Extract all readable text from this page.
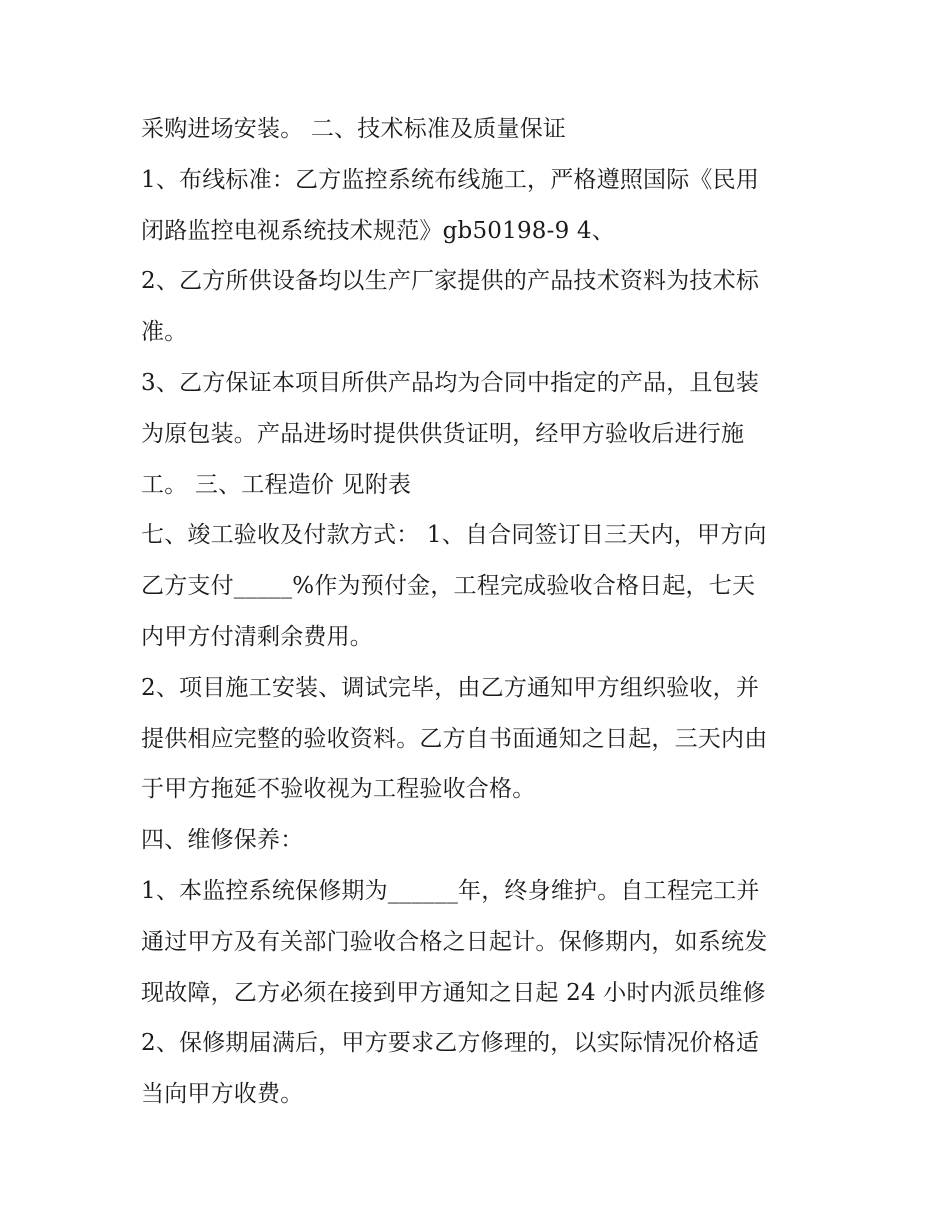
采购进场安装。 二、技术标准及质量保证
1、布线标准：乙方监控系统布线施工，严格遵照国际《民用
闭路监控电视系统技术规范》gb50198-9 4、
2、乙方所供设备均以生产厂家提供的产品技术资料为技术标
准。
3、乙方保证本项目所供产品均为合同中指定的产品，且包装
为原包装。产品进场时提供供货证明，经甲方验收后进行施
工。 三、工程造价 见附表
七、竣工验收及付款方式： 1、自合同签订日三天内，甲方向
乙方支付_____%作为预付金，工程完成验收合格日起，七天
内甲方付清剩余费用。
2、项目施工安装、调试完毕，由乙方通知甲方组织验收，并
提供相应完整的验收资料。乙方自书面通知之日起，三天内由
于甲方拖延不验收视为工程验收合格。
四、维修保养：
1、本监控系统保修期为______年，终身维护。自工程完工并
通过甲方及有关部门验收合格之日起计。保修期内，如系统发
现故障，乙方必须在接到甲方通知之日起 24 小时内派员维修
2、保修期届满后，甲方要求乙方修理的，以实际情况价格适
当向甲方收费。
